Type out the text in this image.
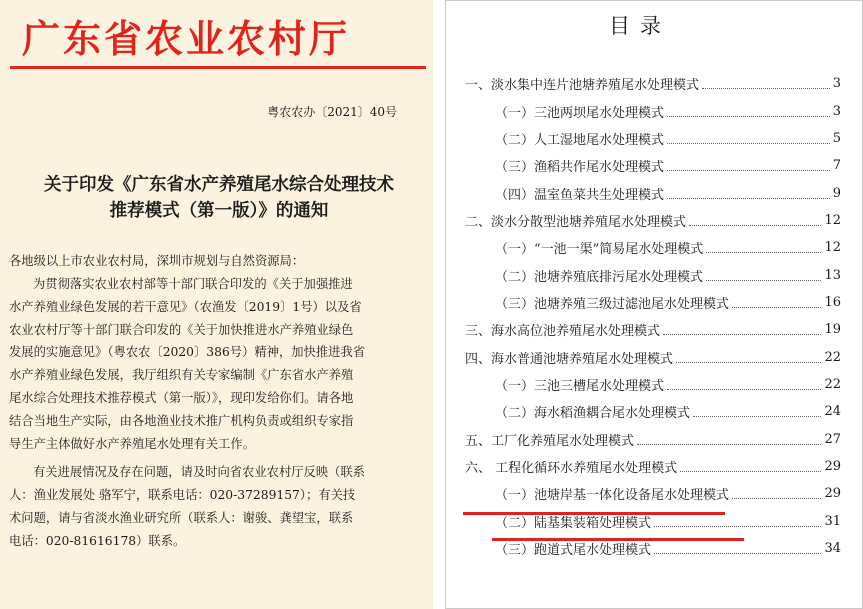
广东省农业农村厅
粤农农办〔2021〕40号
关于印发《广东省水产养殖尾水综合处理技术
推荐模式（第一版）》的通知
各地级以上市农业农村局，深圳市规划与自然资源局：
为贯彻落实农业农村部等十部门联合印发的《关于加强推进
水产养殖业绿色发展的若干意见》（农渔发〔2019〕1号）以及省
农业农村厅等十部门联合印发的《关于加快推进水产养殖业绿色
发展的实施意见》（粤农农〔2020〕386号）精神，加快推进我省
水产养殖业绿色发展，我厅组织有关专家编制《广东省水产养殖
尾水综合处理技术推荐模式（第一版）》，现印发给你们。请各地
结合当地生产实际，由各地渔业技术推广机构负责或组织专家指
导生产主体做好水产养殖尾水处理有关工作。
有关进展情况及存在问题，请及时向省农业农村厅反映（联系
人：渔业发展处 骆军宁，联系电话：020-37289157）；有关技
术问题，请与省淡水渔业研究所（联系人：谢骏、龚望宝，联系
电话：020-81616178）联系。
目录
一、淡水集中连片池塘养殖尾水处理模式	3
（一）三池两坝尾水处理模式	3
（二）人工湿地尾水处理模式	5
（三）渔稻共作尾水处理模式	7
（四）温室鱼菜共生处理模式	9
二、淡水分散型池塘养殖尾水处理模式	12
（一）“一池一渠”简易尾水处理模式	12
（二）池塘养殖底排污尾水处理模式	13
（三）池塘养殖三级过滤池尾水处理模式	16
三、海水高位池养殖尾水处理模式	19
四、海水普通池塘养殖尾水处理模式	22
（一）三池三槽尾水处理模式	22
（二）海水稻渔耦合尾水处理模式	24
五、工厂化养殖尾水处理模式	27
六、 工程化循环水养殖尾水处理模式	29
（一）池塘岸基一体化设备尾水处理模式	29
（二）陆基集装箱处理模式	31
（三）跑道式尾水处理模式	34
